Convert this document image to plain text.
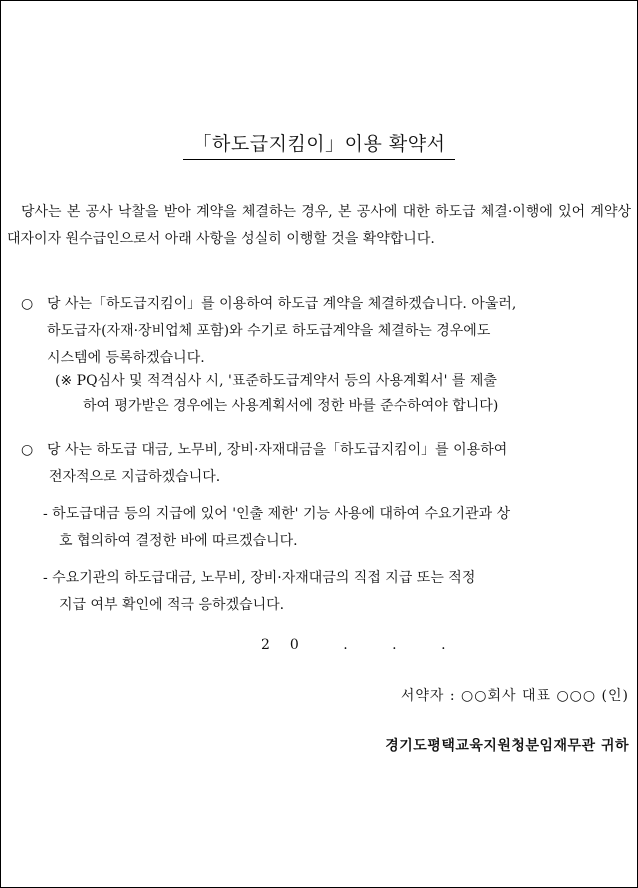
「하도급지킴이」이용 확약서
당사는 본 공사 낙찰을 받아 계약을 체결하는 경우, 본 공사에 대한 하도급 체결·이행에 있어 계약상대자이자 원수급인으로서 아래 사항을 성실히 이행할 것을 확약합니다.
○ 당 사는「하도급지킴이」를 이용하여 하도급 계약을 체결하겠습니다. 아울러,
하도급자(자재·장비업체 포함)와 수기로 하도급계약을 체결하는 경우에도
시스템에 등록하겠습니다.
(※ PQ심사 및 적격심사 시, '표준하도급계약서 등의 사용계획서' 를 제출
하여 평가받은 경우에는 사용계획서에 정한 바를 준수하여야 합니다)
○ 당 사는 하도급 대금, 노무비, 장비·자재대금을「하도급지킴이」를 이용하여
전자적으로 지급하겠습니다.
- 하도급대금 등의 지급에 있어 '인출 제한' 기능 사용에 대하여 수요기관과 상
호 협의하여 결정한 바에 따르겠습니다.
- 수요기관의 하도급대금, 노무비, 장비·자재대금의 직접 지급 또는 적정
지급 여부 확인에 적극 응하겠습니다.
20 . . .
서약자 : ○○회사 대표 ○○○ (인)
경기도평택교육지원청분임재무관 귀하
